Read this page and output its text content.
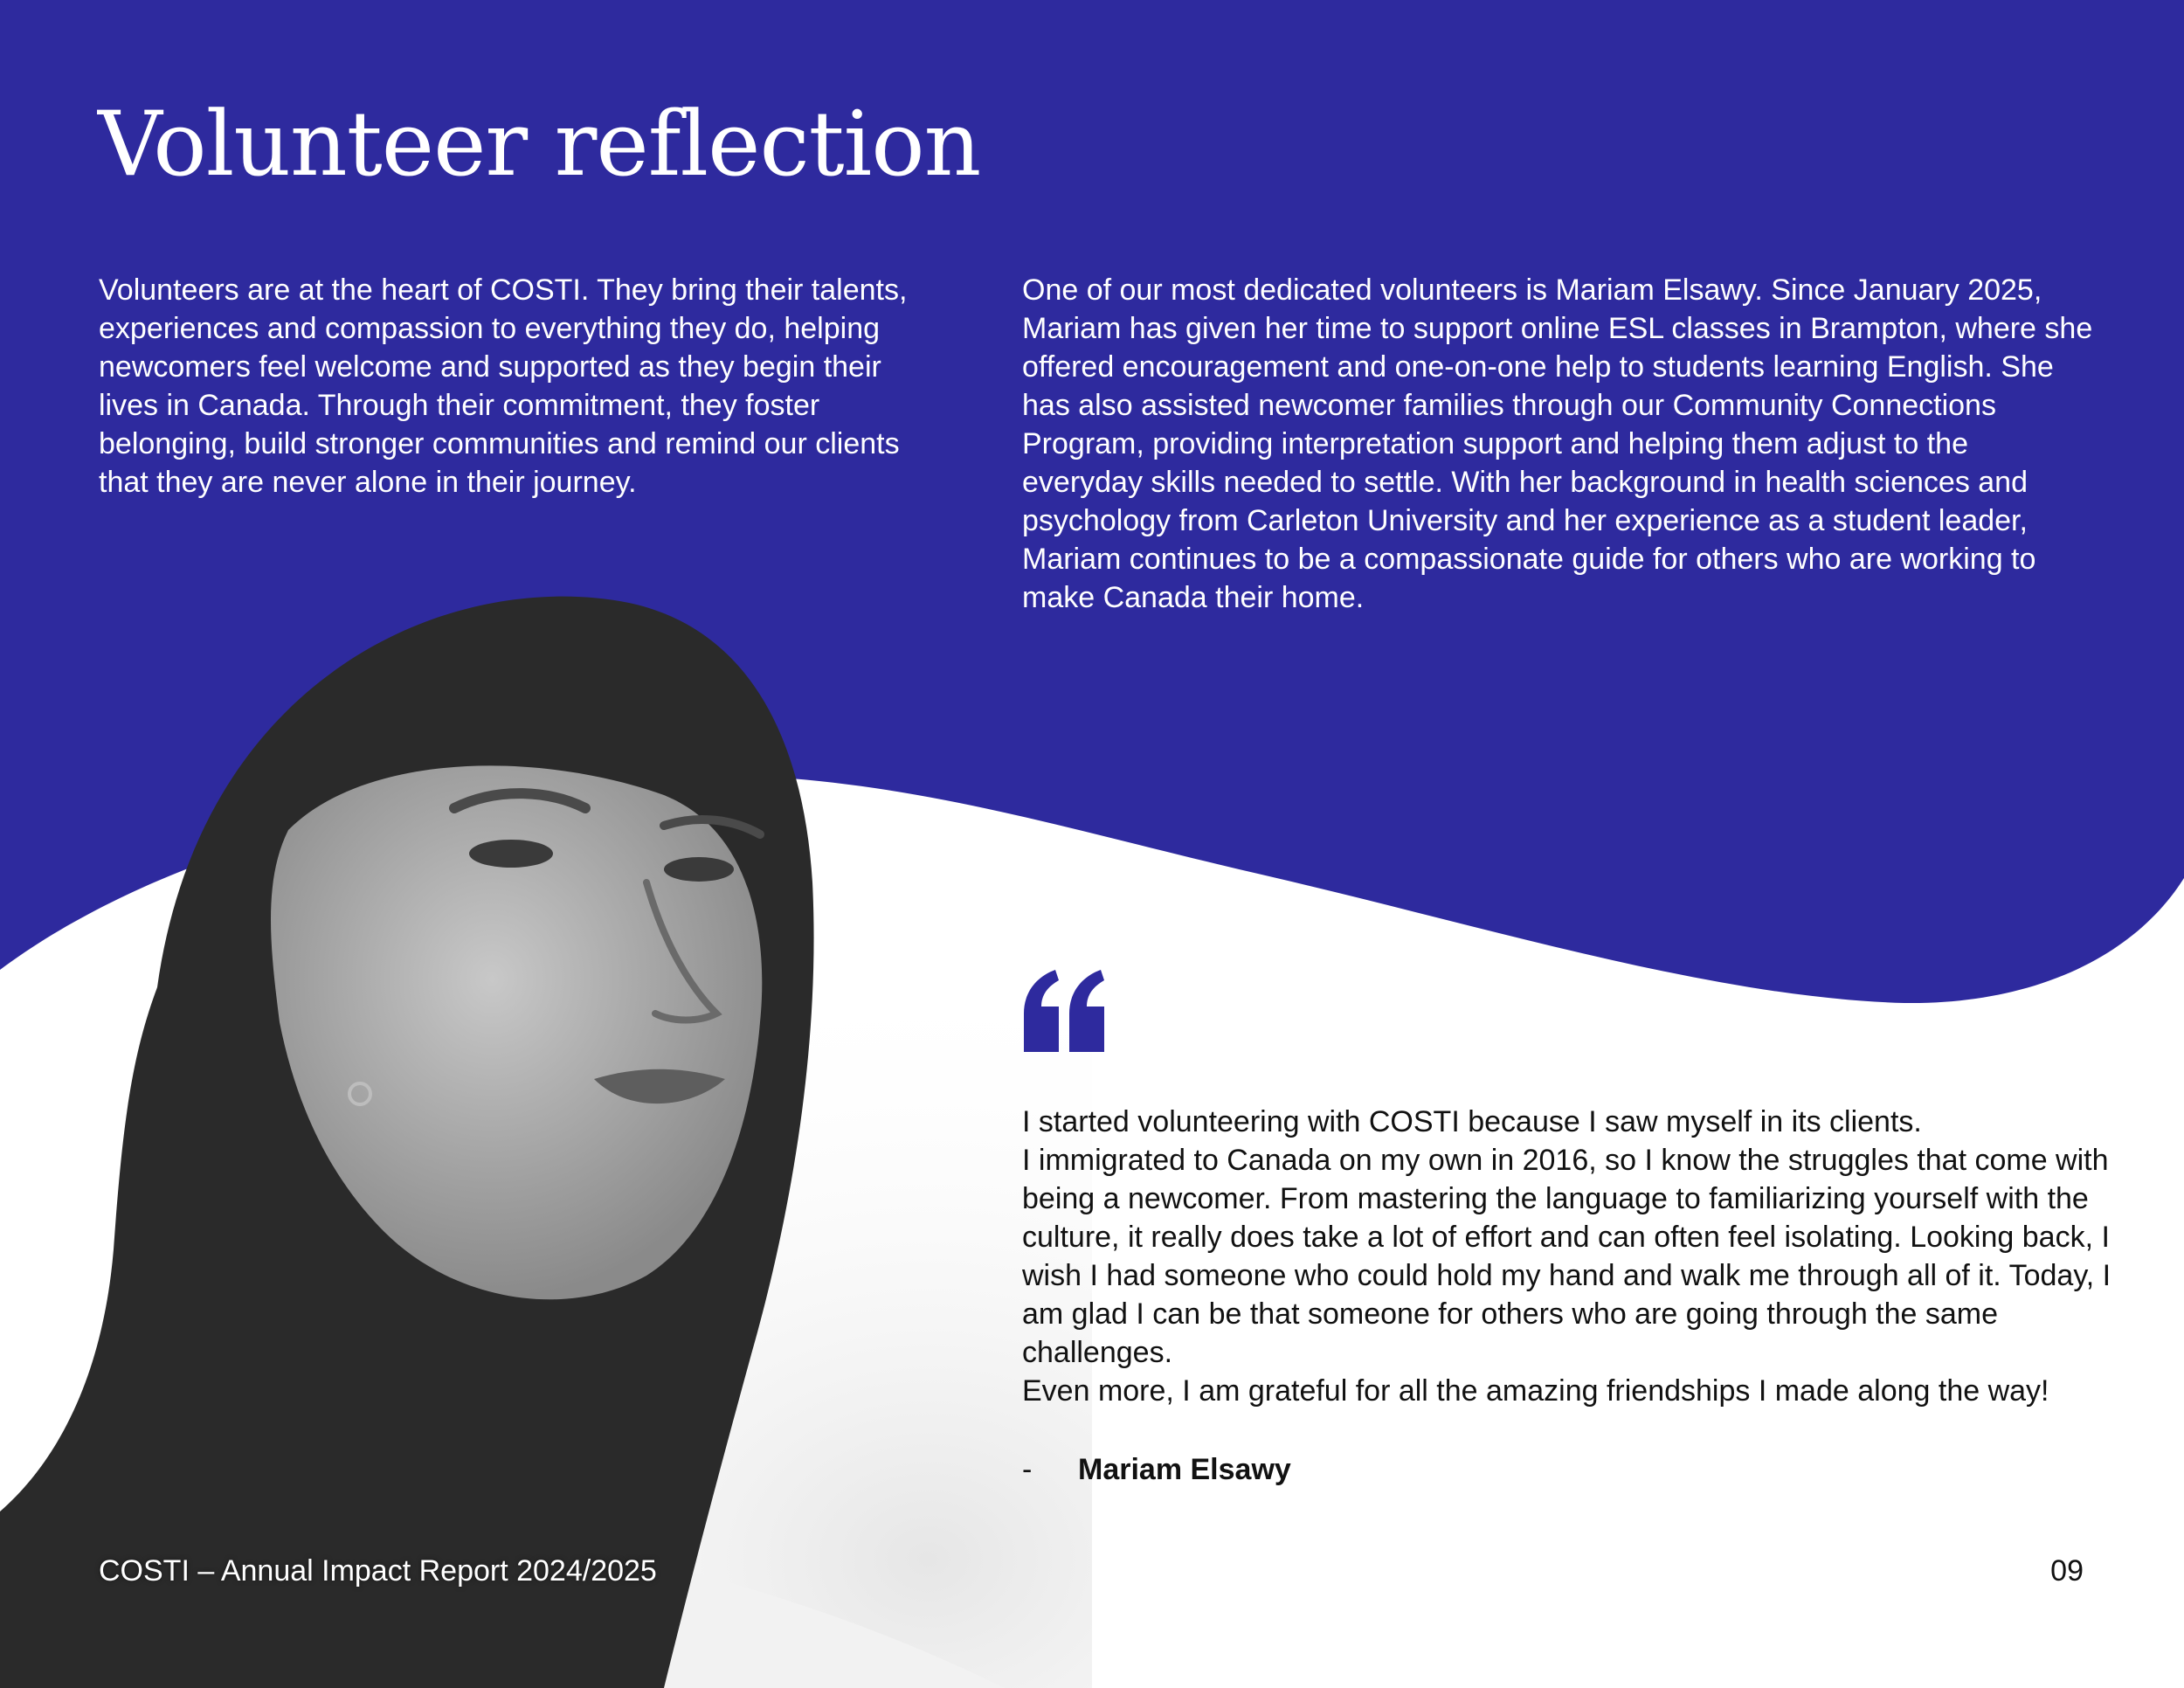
Volunteer reflection

Volunteers are at the heart of COSTI. They bring their talents, experiences and compassion to everything they do, helping newcomers feel welcome and supported as they begin their lives in Canada. Through their commitment, they foster belonging, build stronger communities and remind our clients that they are never alone in their journey.

One of our most dedicated volunteers is Mariam Elsawy. Since January 2025, Mariam has given her time to support online ESL classes in Brampton, where she offered encouragement and one-on-one help to students learning English. She has also assisted newcomer families through our Community Connections Program, providing interpretation support and helping them adjust to the everyday skills needed to settle. With her background in health sciences and psychology from Carleton University and her experience as a student leader, Mariam continues to be a compassionate guide for others who are working to make Canada their home.

I started volunteering with COSTI because I saw myself in its clients.
I immigrated to Canada on my own in 2016, so I know the struggles that come with being a newcomer. From mastering the language to familiarizing yourself with the culture, it really does take a lot of effort and can often feel isolating. Looking back, I wish I had someone who could hold my hand and walk me through all of it. Today, I am glad I can be that someone for others who are going through the same challenges.
Even more, I am grateful for all the amazing friendships I made along the way!

- Mariam Elsawy

COSTI – Annual Impact Report 2024/2025	09
